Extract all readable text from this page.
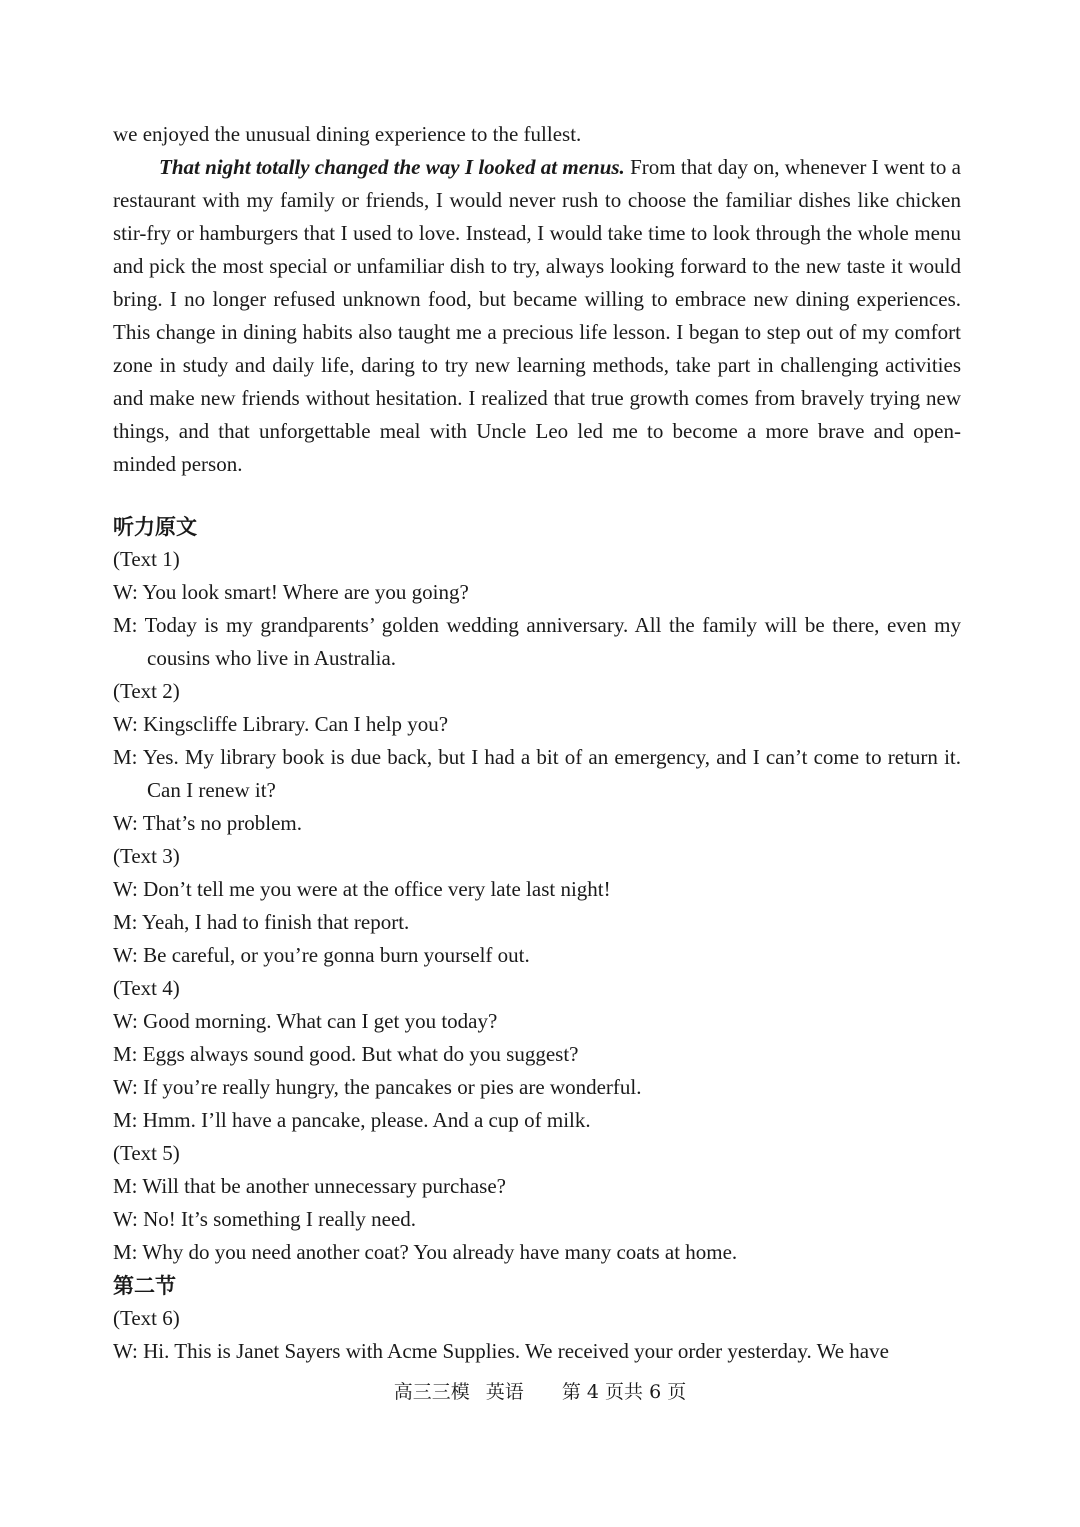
we enjoyed the unusual dining experience to the fullest.

That night totally changed the way I looked at menus. From that day on, whenever I went to a restaurant with my family or friends, I would never rush to choose the familiar dishes like chicken stir-fry or hamburgers that I used to love. Instead, I would take time to look through the whole menu and pick the most special or unfamiliar dish to try, always looking forward to the new taste it would bring. I no longer refused unknown food, but became willing to embrace new dining experiences. This change in dining habits also taught me a precious life lesson. I began to step out of my comfort zone in study and daily life, daring to try new learning methods, take part in challenging activities and make new friends without hesitation. I realized that true growth comes from bravely trying new things, and that unforgettable meal with Uncle Leo led me to become a more brave and open-minded person.

听力原文

(Text 1)

W: You look smart! Where are you going?

M: Today is my grandparents’ golden wedding anniversary. All the family will be there, even my cousins who live in Australia.

(Text 2)

W: Kingscliffe Library. Can I help you?

M: Yes. My library book is due back, but I had a bit of an emergency, and I can’t come to return it. Can I renew it?

W: That’s no problem.

(Text 3)

W: Don’t tell me you were at the office very late last night!

M: Yeah, I had to finish that report.

W: Be careful, or you’re gonna burn yourself out.

(Text 4)

W: Good morning. What can I get you today?

M: Eggs always sound good. But what do you suggest?

W: If you’re really hungry, the pancakes or pies are wonderful.

M: Hmm. I’ll have a pancake, please. And a cup of milk.

(Text 5)

M: Will that be another unnecessary purchase?

W: No! It’s something I really need.

M: Why do you need another coat? You already have many coats at home.

第二节

(Text 6)

W: Hi. This is Janet Sayers with Acme Supplies. We received your order yesterday. We have

高三三模 英语 第 4 页共 6 页
